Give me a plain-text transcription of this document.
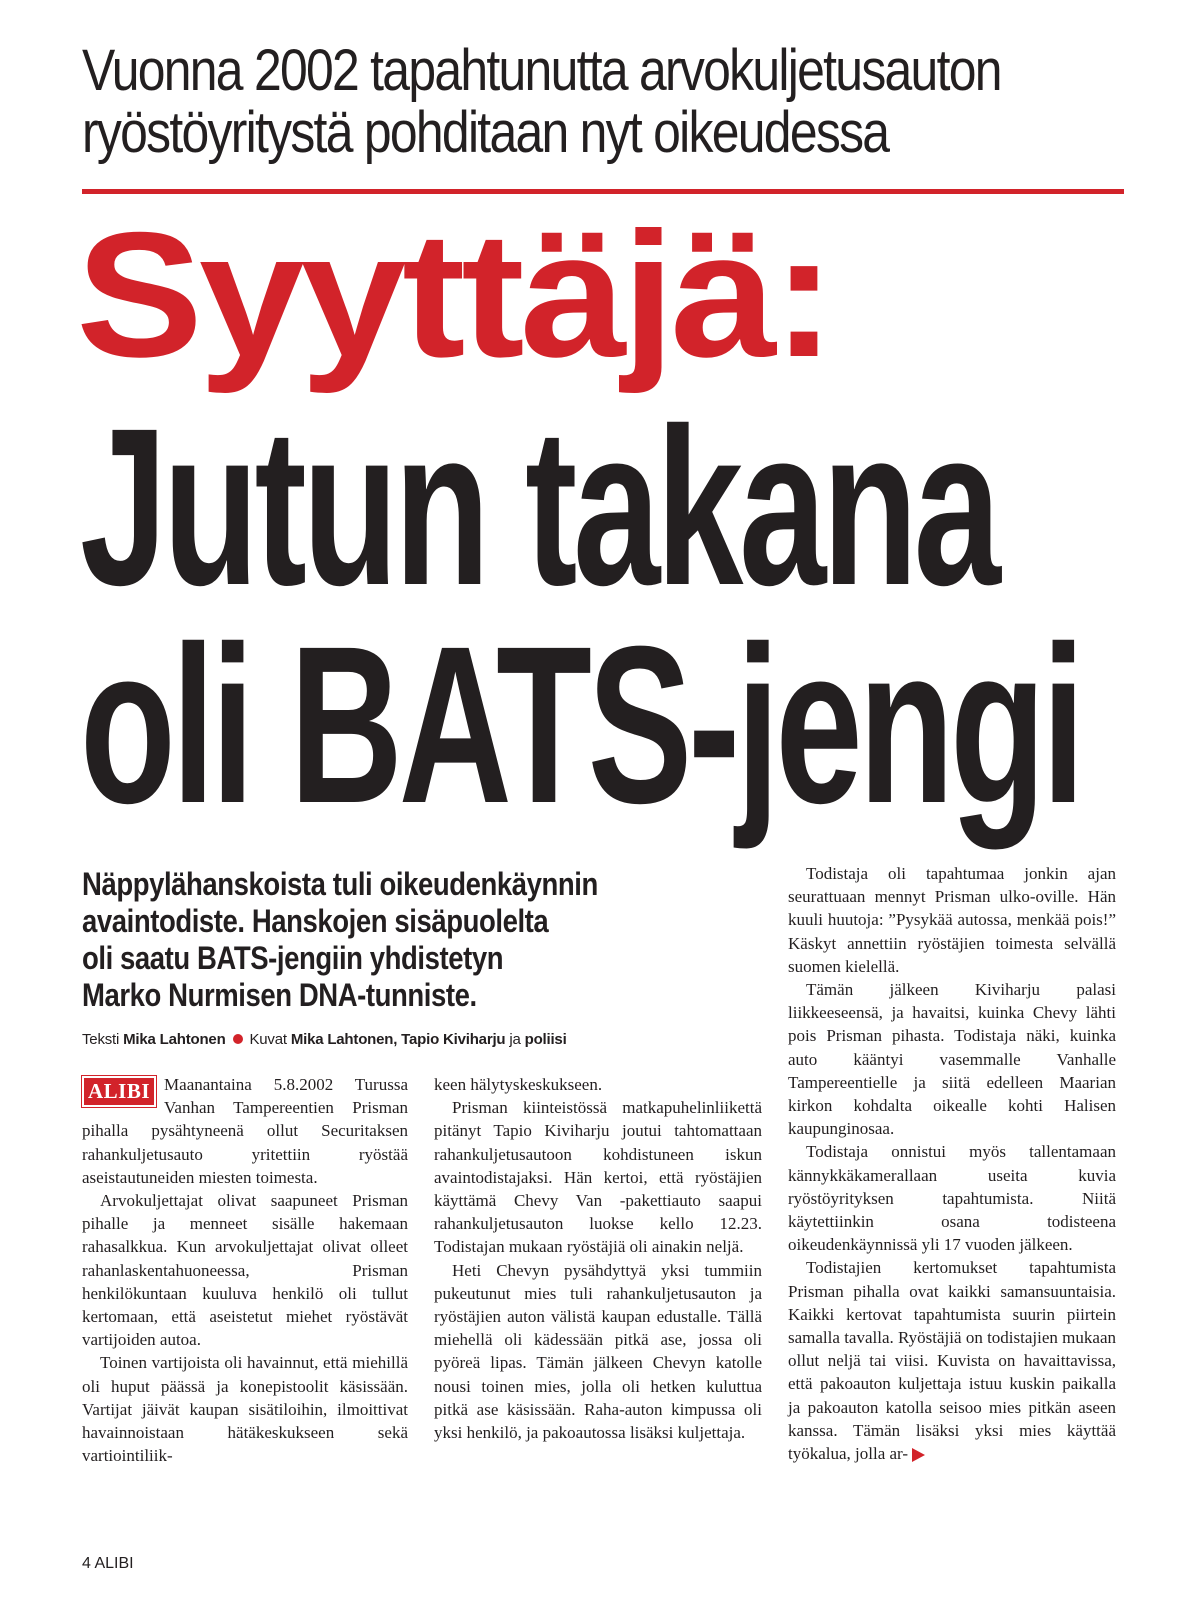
Vuonna 2002 tapahtunutta arvokuljetusauton
ryöstöyritystä pohditaan nyt oikeudessa
Syyttäjä:
Jutun takana
oli BATS-jengi
Näppylähanskoista tuli oikeudenkäynnin
avaintodiste. Hanskojen sisäpuolelta
oli saatu BATS-jengiin yhdistetyn
Marko Nurmisen DNA-tunniste.
Teksti Mika Lahtonen Kuvat Mika Lahtonen, Tapio Kiviharju ja poliisi
ALIBI Maanantaina 5.8.2002 Turussa Vanhan Tampereentien Prisman pihalla pysähtyneenä ollut Securitaksen rahankuljetusauto yritettiin ryöstää aseistautuneiden miesten toimesta.

Arvokuljettajat olivat saapuneet Prisman pihalle ja menneet sisälle hakemaan rahasalkkua. Kun arvokuljettajat olivat olleet rahanlaskentahuoneessa, Prisman henkilökuntaan kuuluva henkilö oli tullut kertomaan, että aseistetut miehet ryöstävät vartijoiden autoa.

Toinen vartijoista oli havainnut, että miehillä oli huput päässä ja konepistoolit käsissään. Vartijat jäivät kaupan sisätiloihin, ilmoittivat havainnoistaan hätäkeskukseen sekä vartiointiliik-

keen hälytyskeskukseen.

Prisman kiinteistössä matkapuhelinliikettä pitänyt Tapio Kiviharju joutui tahtomattaan rahankuljetusautoon kohdistuneen iskun avaintodistajaksi. Hän kertoi, että ryöstäjien käyttämä Chevy Van -pakettiauto saapui rahankuljetusauton luokse kello 12.23. Todistajan mukaan ryöstäjiä oli ainakin neljä.

Heti Chevyn pysähdyttyä yksi tummiin pukeutunut mies tuli rahankuljetusauton ja ryöstäjien auton välistä kaupan edustalle. Tällä miehellä oli kädessään pitkä ase, jossa oli pyöreä lipas. Tämän jälkeen Chevyn katolle nousi toinen mies, jolla oli hetken kuluttua pitkä ase käsissään. Raha-auton kimpussa oli yksi henkilö, ja pakoautossa lisäksi kuljettaja.

Todistaja oli tapahtumaa jonkin ajan seurattuaan mennyt Prisman ulko-oville. Hän kuuli huutoja: ”Pysykää autossa, menkää pois!” Käskyt annettiin ryöstäjien toimesta selvällä suomen kielellä.

Tämän jälkeen Kiviharju palasi liikkeeseensä, ja havaitsi, kuinka Chevy lähti pois Prisman pihasta. Todistaja näki, kuinka auto kääntyi vasemmalle Vanhalle Tampereentielle ja siitä edelleen Maarian kirkon kohdalta oikealle kohti Halisen kaupunginosaa.

Todistaja onnistui myös tallentamaan kännykkäkamerallaan useita kuvia ryöstöyrityksen tapahtumista. Niitä käytettiinkin osana todisteena oikeudenkäynnissä yli 17 vuoden jälkeen.

Todistajien kertomukset tapahtumista Prisman pihalla ovat kaikki samansuuntaisia. Kaikki kertovat tapahtumista suurin piirtein samalla tavalla. Ryöstäjiä on todistajien mukaan ollut neljä tai viisi. Kuvista on havaittavissa, että pakoauton kuljettaja istuu kuskin paikalla ja pakoauton katolla seisoo mies pitkän aseen kanssa. Tämän lisäksi yksi mies käyttää työkalua, jolla ar-

4 ALIBI
